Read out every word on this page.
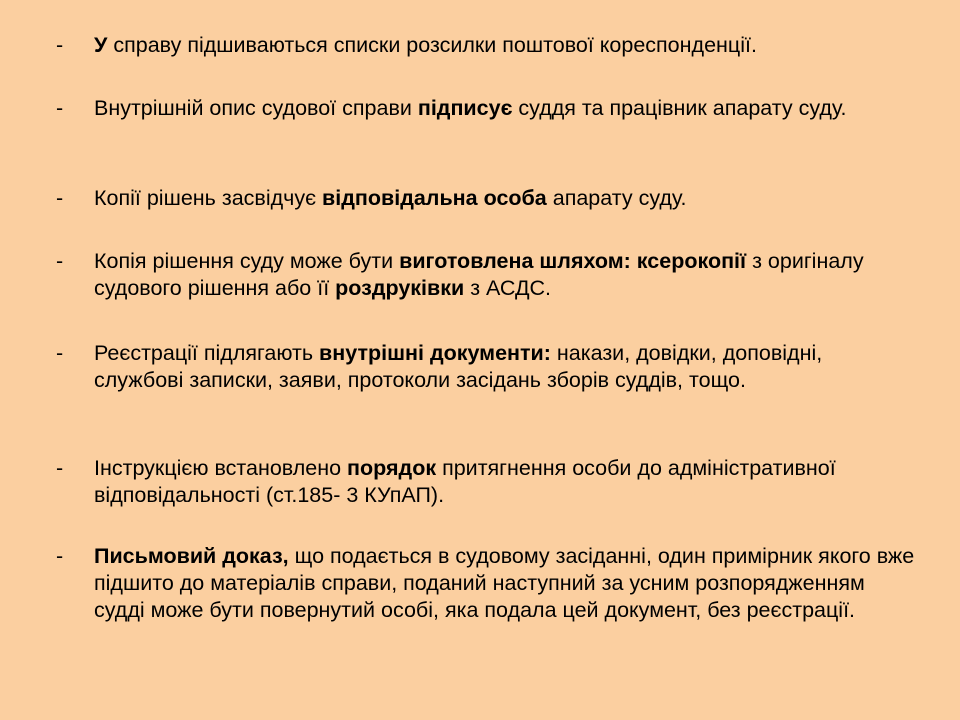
-	У справу підшиваються списки розсилки поштової кореспонденції.
-	Внутрішній опис судової справи підписує суддя та працівник апарату суду.
-	Копії рішень засвідчує відповідальна особа апарату суду.
-	Копія рішення суду може бути виготовлена шляхом: ксерокопії з оригіналу судового рішення або її роздруківки з АСДС.
-	Реєстрації підлягають внутрішні документи: накази, довідки, доповідні, службові записки, заяви, протоколи засідань зборів суддів, тощо.
-	Інструкцією встановлено порядок притягнення особи до адміністративної відповідальності (ст.185- 3 КУпАП).
-	Письмовий доказ, що подається в судовому засіданні, один примірник якого вже підшито до матеріалів справи, поданий наступний за усним розпорядженням судді може бути повернутий особі, яка подала цей документ, без реєстрації.
